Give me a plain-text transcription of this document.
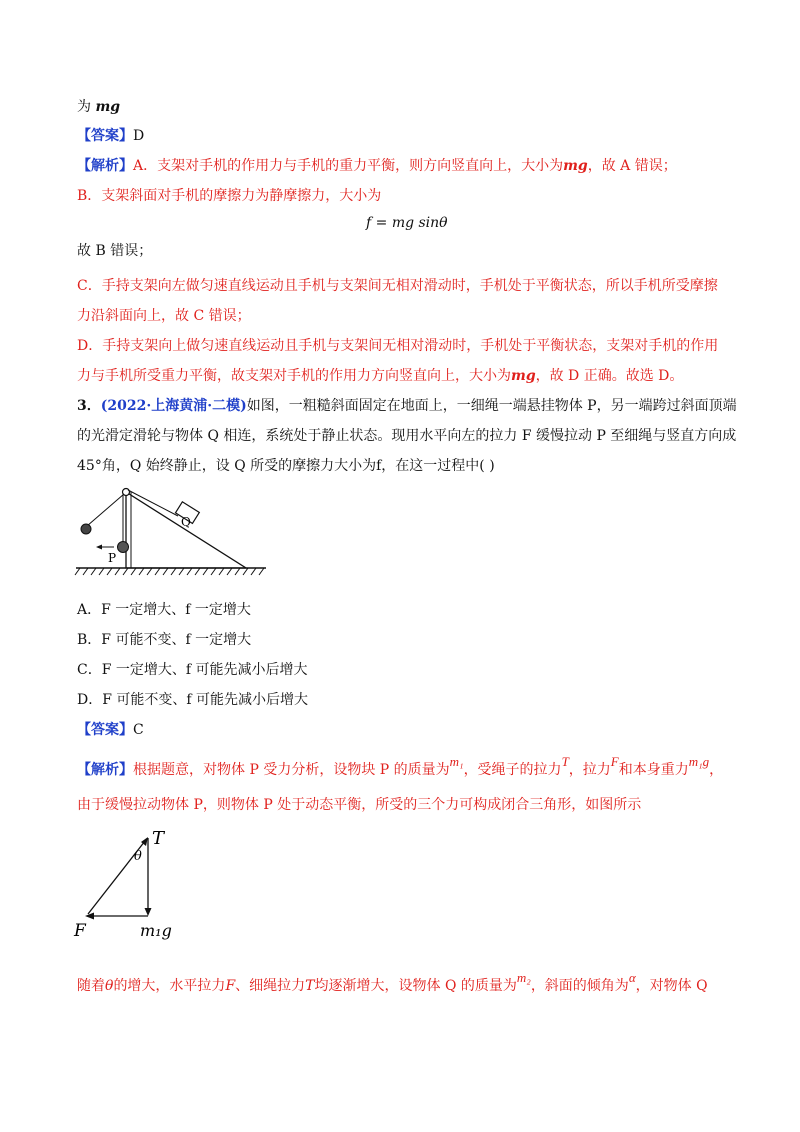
为 mg
【答案】D
【解析】A．支架对手机的作用力与手机的重力平衡，则方向竖直向上，大小为mg，故 A 错误；
B．支架斜面对手机的摩擦力为静摩擦力，大小为
f = mg sinθ
故 B 错误；
C．手持支架向左做匀速直线运动且手机与支架间无相对滑动时，手机处于平衡状态，所以手机所受摩擦
力沿斜面向上，故 C 错误；
D．手持支架向上做匀速直线运动且手机与支架间无相对滑动时，手机处于平衡状态，支架对手机的作用
力与手机所受重力平衡，故支架对手机的作用力方向竖直向上，大小为mg，故 D 正确。故选 D。
3．(2022·上海黄浦·二模)如图，一粗糙斜面固定在地面上，一细绳一端悬挂物体 P，另一端跨过斜面顶端
的光滑定滑轮与物体 Q 相连，系统处于静止状态。现用水平向左的拉力 F 缓慢拉动 P 至细绳与竖直方向成
45°角，Q 始终静止，设 Q 所受的摩擦力大小为f，在这一过程中( )
Q
P
A．F 一定增大、f 一定增大
B．F 可能不变、f 一定增大
C．F 一定增大、f 可能先减小后增大
D．F 可能不变、f 可能先减小后增大
【答案】C
【解析】根据题意，对物体 P 受力分析，设物块 P 的质量为m₁，受绳子的拉力T，拉力F和本身重力m₁g，
由于缓慢拉动物体 P，则物体 P 处于动态平衡，所受的三个力可构成闭合三角形，如图所示
T
θ
F	m₁g
随着θ的增大，水平拉力F、细绳拉力T均逐渐增大，设物体 Q 的质量为m₂，斜面的倾角为α，对物体 Q
